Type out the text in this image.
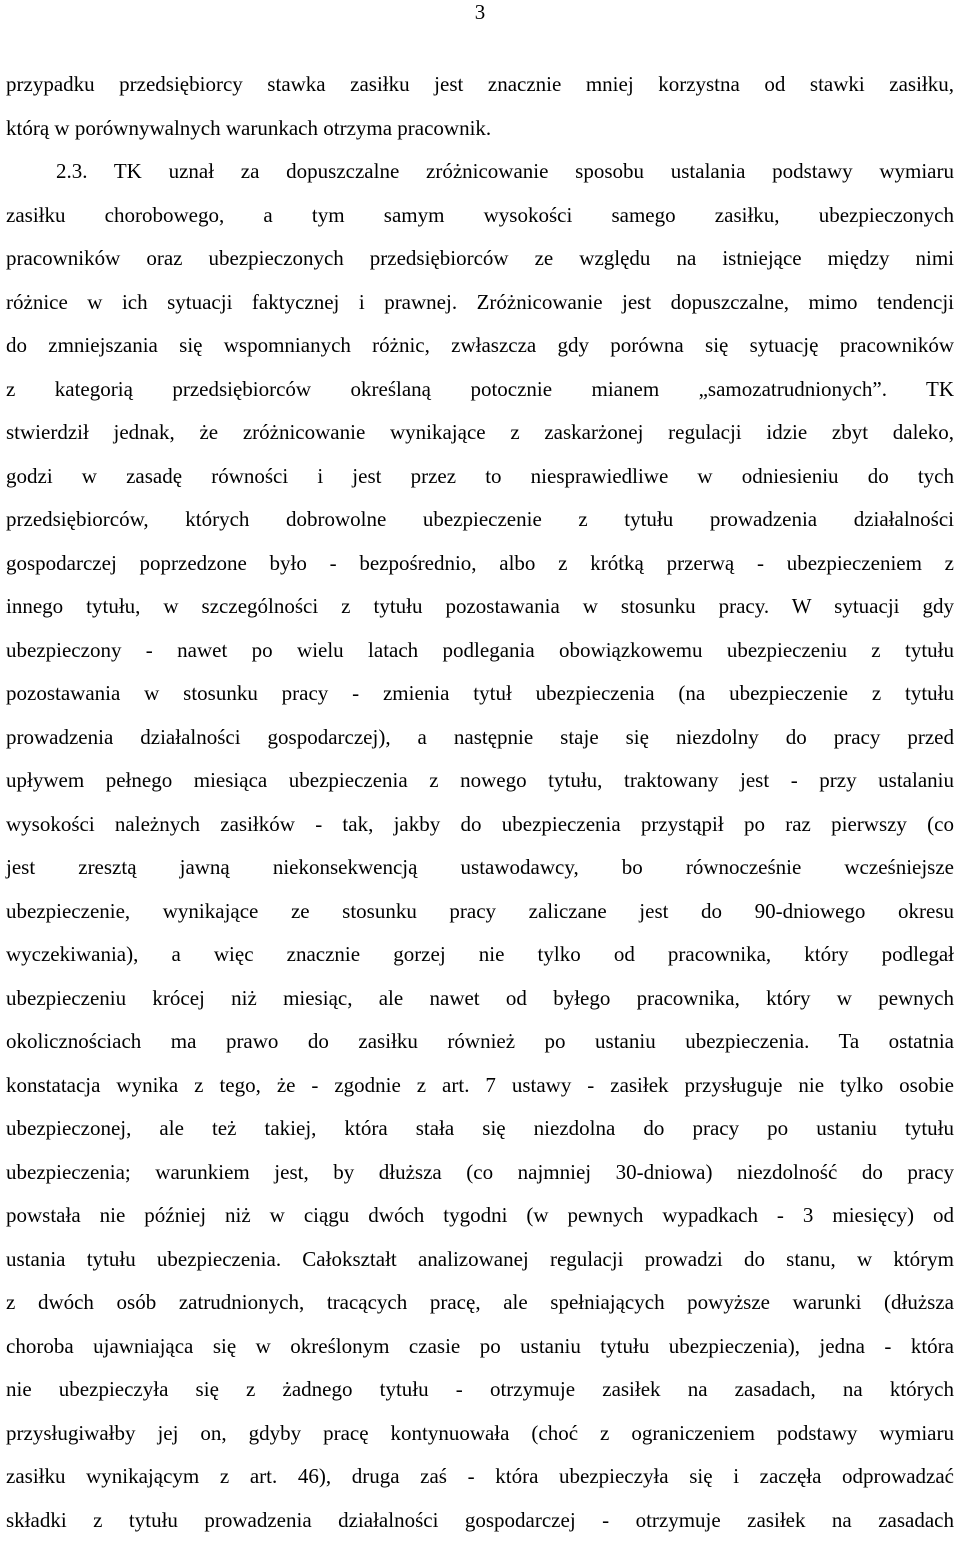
3

przypadku przedsiębiorcy stawka zasiłku jest znacznie mniej korzystna od stawki zasiłku,
którą w porównywalnych warunkach otrzyma pracownik.

2.3. TK uznał za dopuszczalne zróżnicowanie sposobu ustalania podstawy wymiaru
zasiłku chorobowego, a tym samym wysokości samego zasiłku, ubezpieczonych
pracowników oraz ubezpieczonych przedsiębiorców ze względu na istniejące między nimi
różnice w ich sytuacji faktycznej i prawnej. Zróżnicowanie jest dopuszczalne, mimo tendencji
do zmniejszania się wspomnianych różnic, zwłaszcza gdy porówna się sytuację pracowników
z kategorią przedsiębiorców określaną potocznie mianem „samozatrudnionych”. TK
stwierdził jednak, że zróżnicowanie wynikające z zaskarżonej regulacji idzie zbyt daleko,
godzi w zasadę równości i jest przez to niesprawiedliwe w odniesieniu do tych
przedsiębiorców, których dobrowolne ubezpieczenie z tytułu prowadzenia działalności
gospodarczej poprzedzone było - bezpośrednio, albo z krótką przerwą - ubezpieczeniem z
innego tytułu, w szczególności z tytułu pozostawania w stosunku pracy. W sytuacji gdy
ubezpieczony - nawet po wielu latach podlegania obowiązkowemu ubezpieczeniu z tytułu
pozostawania w stosunku pracy - zmienia tytuł ubezpieczenia (na ubezpieczenie z tytułu
prowadzenia działalności gospodarczej), a następnie staje się niezdolny do pracy przed
upływem pełnego miesiąca ubezpieczenia z nowego tytułu, traktowany jest - przy ustalaniu
wysokości należnych zasiłków - tak, jakby do ubezpieczenia przystąpił po raz pierwszy (co
jest zresztą jawną niekonsekwencją ustawodawcy, bo równocześnie wcześniejsze
ubezpieczenie, wynikające ze stosunku pracy zaliczane jest do 90-dniowego okresu
wyczekiwania), a więc znacznie gorzej nie tylko od pracownika, który podlegał
ubezpieczeniu krócej niż miesiąc, ale nawet od byłego pracownika, który w pewnych
okolicznościach ma prawo do zasiłku również po ustaniu ubezpieczenia. Ta ostatnia
konstatacja wynika z tego, że - zgodnie z art. 7 ustawy - zasiłek przysługuje nie tylko osobie
ubezpieczonej, ale też takiej, która stała się niezdolna do pracy po ustaniu tytułu
ubezpieczenia; warunkiem jest, by dłuższa (co najmniej 30-dniowa) niezdolność do pracy
powstała nie później niż w ciągu dwóch tygodni (w pewnych wypadkach - 3 miesięcy) od
ustania tytułu ubezpieczenia. Całokształt analizowanej regulacji prowadzi do stanu, w którym
z dwóch osób zatrudnionych, tracących pracę, ale spełniających powyższe warunki (dłuższa
choroba ujawniająca się w określonym czasie po ustaniu tytułu ubezpieczenia), jedna - która
nie ubezpieczyła się z żadnego tytułu - otrzymuje zasiłek na zasadach, na których
przysługiwałby jej on, gdyby pracę kontynuowała (choć z ograniczeniem podstawy wymiaru
zasiłku wynikającym z art. 46), druga zaś - która ubezpieczyła się i zaczęła odprowadzać
składki z tytułu prowadzenia działalności gospodarczej - otrzymuje zasiłek na zasadach
